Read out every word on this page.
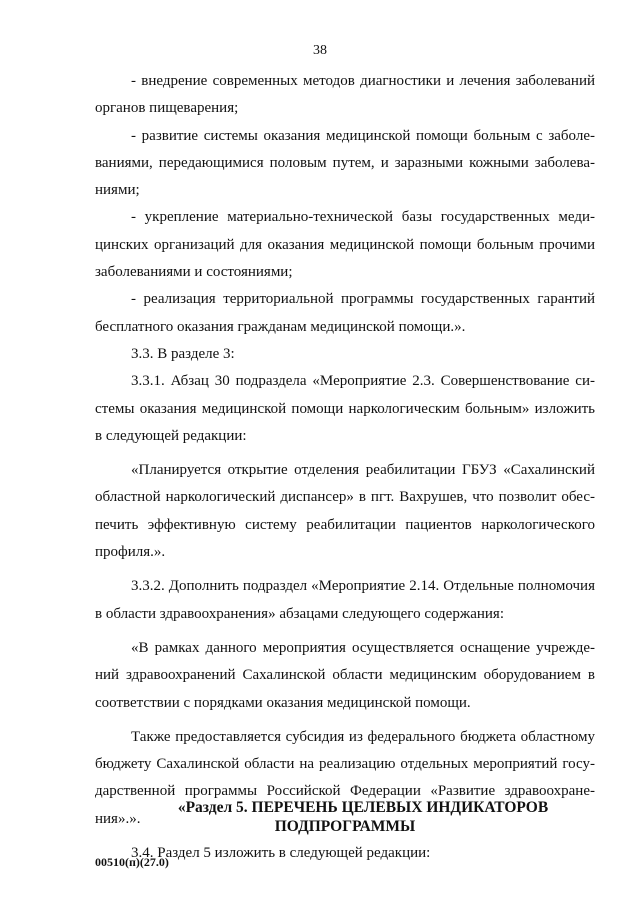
38

- внедрение современных методов диагностики и лечения заболеваний органов пищеварения;

- развитие системы оказания медицинской помощи больным с заболеваниями, передающимися половым путем, и заразными кожными заболеваниями;

- укрепление материально-технической базы государственных медицинских организаций для оказания медицинской помощи больным прочими заболеваниями и состояниями;

- реализация территориальной программы государственных гарантий бесплатного оказания гражданам медицинской помощи.».

3.3. В разделе 3:

3.3.1. Абзац 30 подраздела «Мероприятие 2.3. Совершенствование системы оказания медицинской помощи наркологическим больным» изложить в следующей редакции:

«Планируется открытие отделения реабилитации ГБУЗ «Сахалинский областной наркологический диспансер» в пгт. Вахрушев, что позволит обеспечить эффективную систему реабилитации пациентов наркологического профиля.».

3.3.2. Дополнить подраздел «Мероприятие 2.14. Отдельные полномочия в области здравоохранения» абзацами следующего содержания:

«В рамках данного мероприятия осуществляется оснащение учреждений здравоохранений Сахалинской области медицинским оборудованием в соответствии с порядками оказания медицинской помощи.

Также предоставляется субсидия из федерального бюджета областному бюджету Сахалинской области на реализацию отдельных мероприятий государственной программы Российской Федерации «Развитие здравоохранения».».

3.4. Раздел 5 изложить в следующей редакции:

«Раздел 5. ПЕРЕЧЕНЬ ЦЕЛЕВЫХ ИНДИКАТОРОВ
ПОДПРОГРАММЫ
00510(п)(27.0)
